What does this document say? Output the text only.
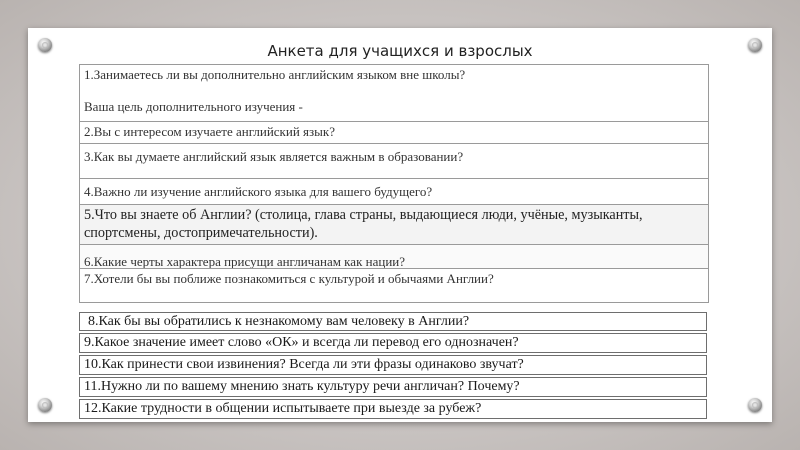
Анкета для учащихся и взрослых
1.Занимаетесь ли вы дополнительно английским языком вне школы?
Ваша цель дополнительного изучения -
2.Вы с интересом изучаете английский язык?
3.Как вы думаете английский язык является важным в образовании?
4.Важно ли изучение английского языка для вашего будущего?
5.Что вы знаете об Англии? (столица, глава страны, выдающиеся люди, учёные, музыканты, спортсмены, достопримечательности).
6.Какие черты характера присущи англичанам как нации?
7.Хотели бы вы поближе познакомиться с культурой и обычаями Англии?
8.Как бы вы обратились к незнакомому вам человеку в Англии?
9.Какое значение имеет слово «ОК» и всегда ли перевод его однозначен?
10.Как принести свои извинения? Всегда ли эти фразы одинаково звучат?
11.Нужно ли по вашему мнению знать культуру речи англичан? Почему?
12.Какие трудности в общении испытываете при выезде за рубеж?
